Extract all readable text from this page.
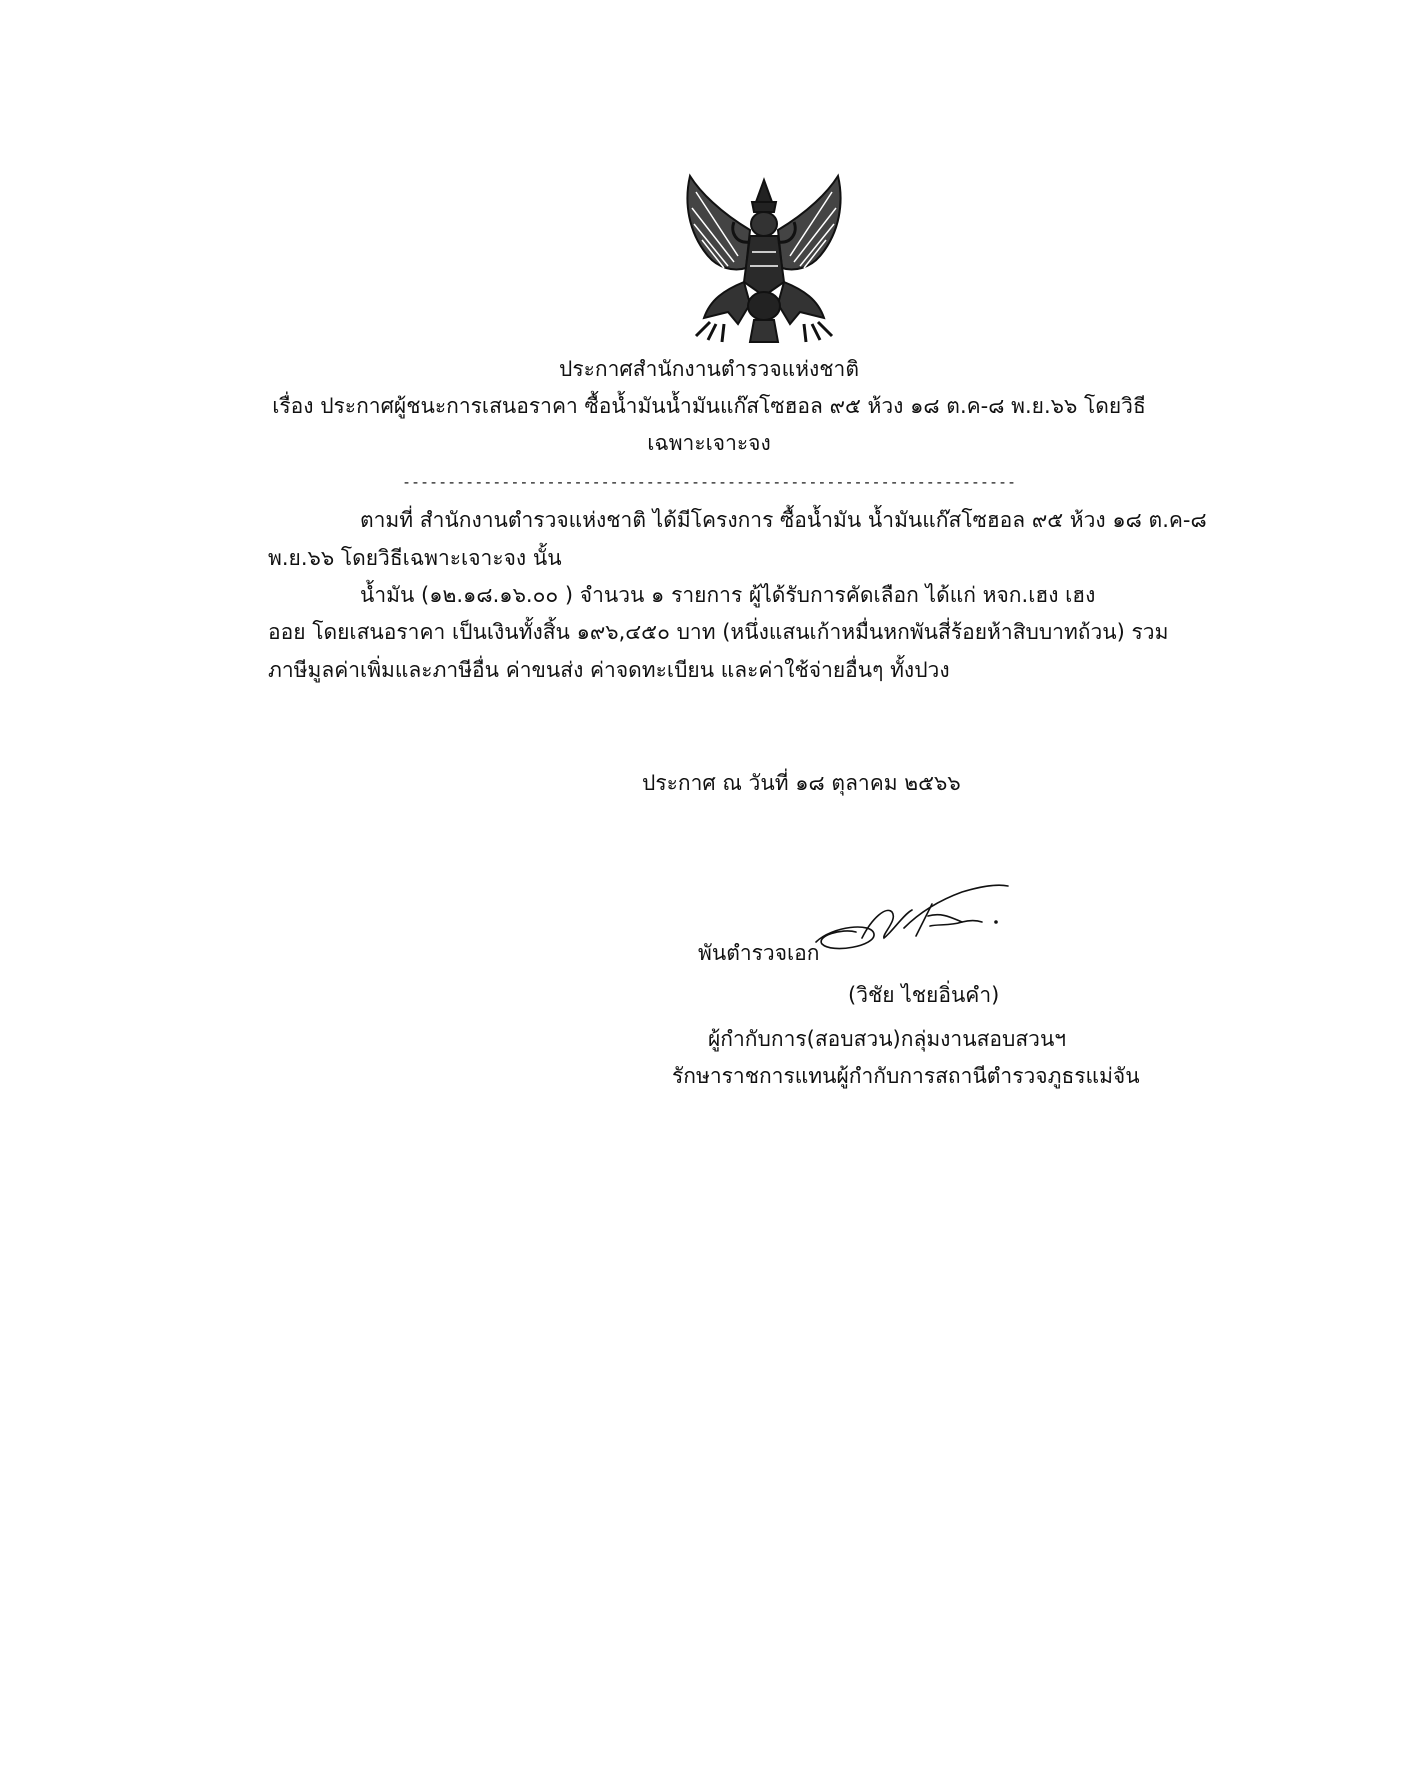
ประกาศสำนักงานตำรวจแห่งชาติ
เรื่อง ประกาศผู้ชนะการเสนอราคา ซื้อน้ำมันน้ำมันแก๊สโซฮอล ๙๕ ห้วง ๑๘ ต.ค-๘ พ.ย.๖๖ โดยวิธี
เฉพาะเจาะจง
--------------------------------------------------------------------
ตามที่ สำนักงานตำรวจแห่งชาติ ได้มีโครงการ ซื้อน้ำมัน น้ำมันแก๊สโซฮอล ๙๕ ห้วง ๑๘ ต.ค-๘
พ.ย.๖๖ โดยวิธีเฉพาะเจาะจง นั้น
น้ำมัน (๑๒.๑๘.๑๖.๐๐ ) จำนวน ๑ รายการ ผู้ได้รับการคัดเลือก ได้แก่ หจก.เฮง เฮง
ออย โดยเสนอราคา เป็นเงินทั้งสิ้น ๑๙๖,๔๕๐ บาท (หนึ่งแสนเก้าหมื่นหกพันสี่ร้อยห้าสิบบาทถ้วน) รวม
ภาษีมูลค่าเพิ่มและภาษีอื่น ค่าขนส่ง ค่าจดทะเบียน และค่าใช้จ่ายอื่นๆ ทั้งปวง
ประกาศ ณ วันที่ ๑๘ ตุลาคม ๒๕๖๖
พันตำรวจเอก
(วิชัย ไชยอิ่นคำ)
ผู้กำกับการ(สอบสวน)กลุ่มงานสอบสวนฯ
รักษาราชการแทนผู้กำกับการสถานีตำรวจภูธรแม่จัน
